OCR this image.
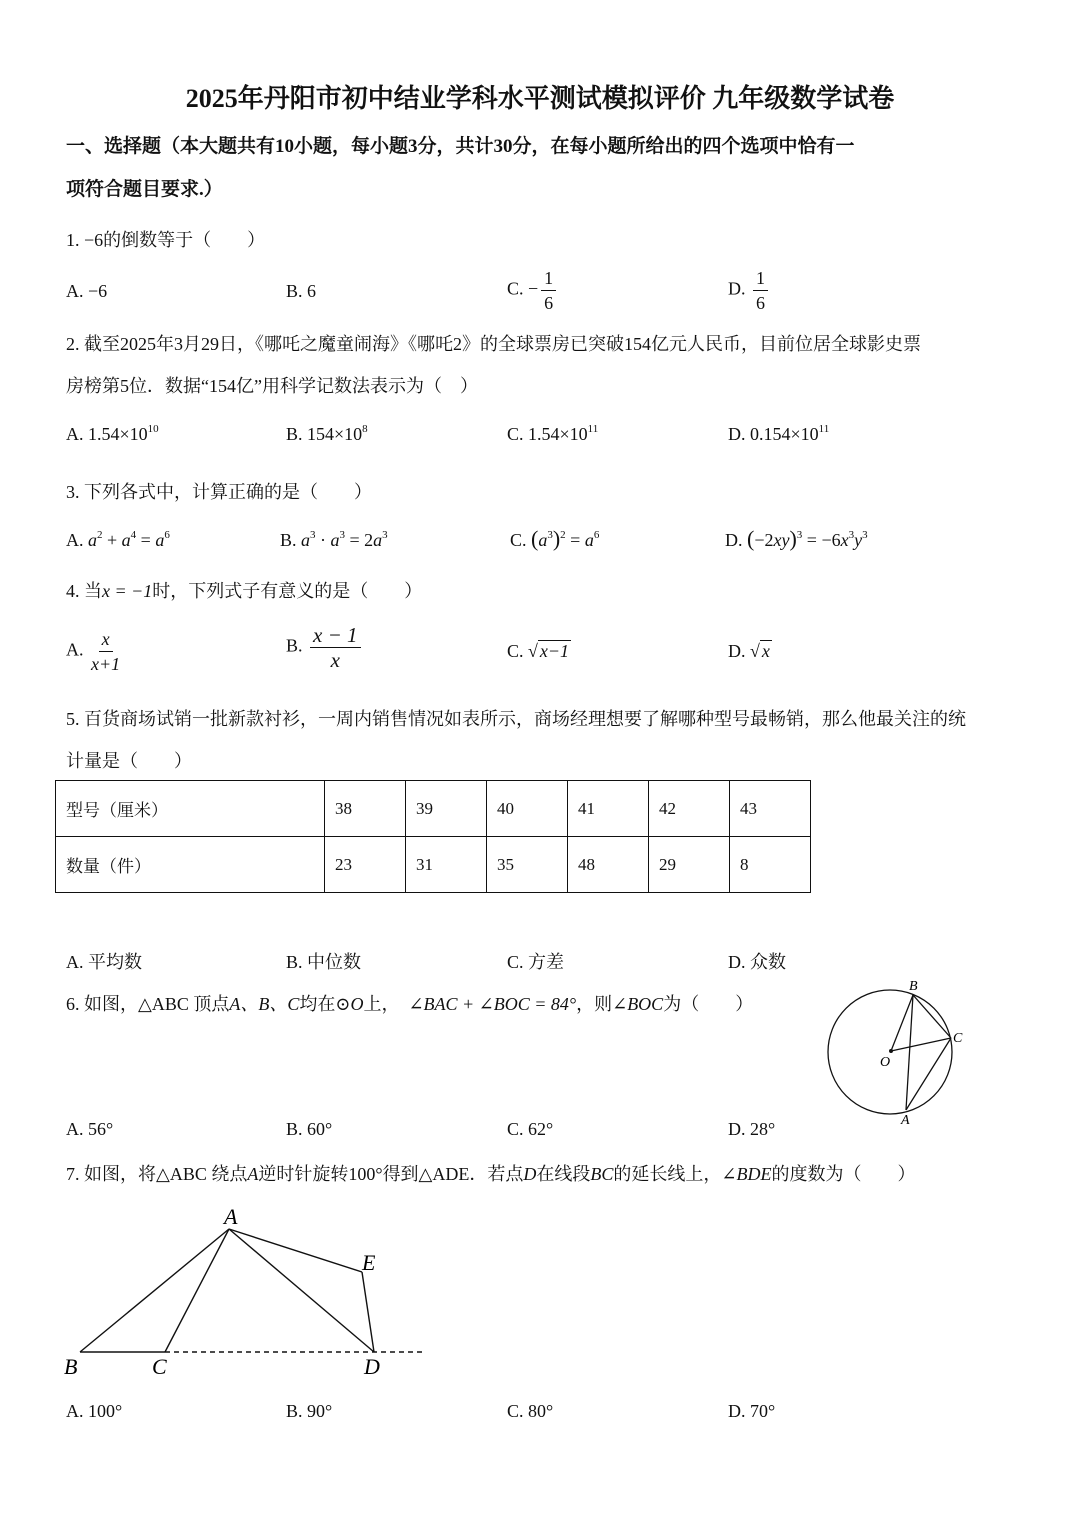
2025年丹阳市初中结业学科水平测试模拟评价 九年级数学试卷
一、选择题（本大题共有10小题，每小题3分，共计30分，在每小题所给出的四个选项中恰有一
项符合题目要求.）
1. −6的倒数等于（　　）
A. −6	B. 6	C. − $\frac{1}{6}$	D. $\frac{1}{6}$
2. 截至2025年3月29日，《哪吒之魔童闹海》《哪吒2》的全球票房已突破154亿元人民币，目前位居全球影史票
房榜第5位．数据“154亿”用科学记数法表示为（　）
A. $1.54\times 10^{10}$	B. $154\times 10^8$	C. $1.54\times 10^{11}$	D. $0.154\times 10^{11}$
3. 下列各式中，计算正确的是（　　）
A. $a^2 + a^4 = a^6$	B. $a^3 \cdot a^3 = 2a^3$	C. $(a^3)^2 = a^6$	D. $(-2xy)^3 = -6x^3y^3$
4. 当x = −1时，下列式子有意义的是（　　）
A. $\frac{x}{x+1}$	B. $\frac{x - 1}{x}$	C. √ x−1	D. √ x
5. 百货商场试销一批新款衬衫，一周内销售情况如表所示，商场经理想要了解哪种型号最畅销，那么他最关注的统
计量是（　　）
型号（厘米）	38	39	40	41	42	43
数量（件）	23	31	35	48	29	8
A. 平均数	B. 中位数	C. 方差	D. 众数
6. 如图，△ABC 顶点A、B、C均在⊙O上，　 ∠BAC + ∠BOC = 84°，则∠BOC为（　　）
B
C
O
A
A. 56°	B. 60°	C. 62°	D. 28°
7. 如图，将△ABC 绕点A逆时针旋转100°得到△ADE．若点D在线段BC的延长线上，∠BDE的度数为（　　）
A
E
B	C	D
A. 100°	B. 90°	C. 80°	D. 70°
